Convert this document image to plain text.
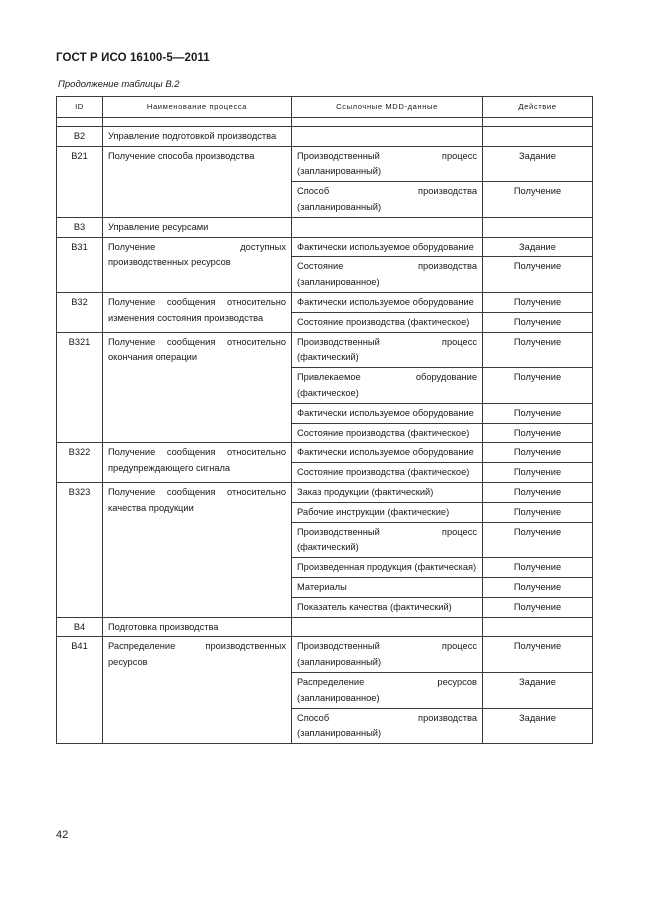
ГОСТ Р ИСО 16100-5—2011
Продолжение таблицы В.2
ID	Наименование процесса	Ссылочные MDD-данные	Действие

B2	Управление подготовкой производства		
B21	Получение способа производства	Производственный процесс (запланированный)	Задание
		Способ производства (запланированный)	Получение
B3	Управление ресурсами		
B31	Получение доступных производственных ресурсов	Фактически используемое оборудование	Задание
		Состояние производства (запланированное)	Получение
B32	Получение сообщения относительно изменения состояния производства	Фактически используемое оборудование	Получение
		Состояние производства (фактическое)	Получение
B321	Получение сообщения относительно окончания операции	Производственный процесс (фактический)	Получение
		Привлекаемое оборудование (фактическое)	Получение
		Фактически используемое оборудование	Получение
		Состояние производства (фактическое)	Получение
B322	Получение сообщения относительно предупреждающего сигнала	Фактически используемое оборудование	Получение
		Состояние производства (фактическое)	Получение
B323	Получение сообщения относительно качества продукции	Заказ продукции (фактический)	Получение
		Рабочие инструкции (фактические)	Получение
		Производственный процесс (фактический)	Получение
		Произведенная продукция (фактическая)	Получение
		Материалы	Получение
		Показатель качества (фактический)	Получение
B4	Подготовка производства		
B41	Распределение производственных ресурсов	Производственный процесс (запланированный)	Получение
		Распределение ресурсов (запланированное)	Задание
		Способ производства (запланированный)	Задание
42
